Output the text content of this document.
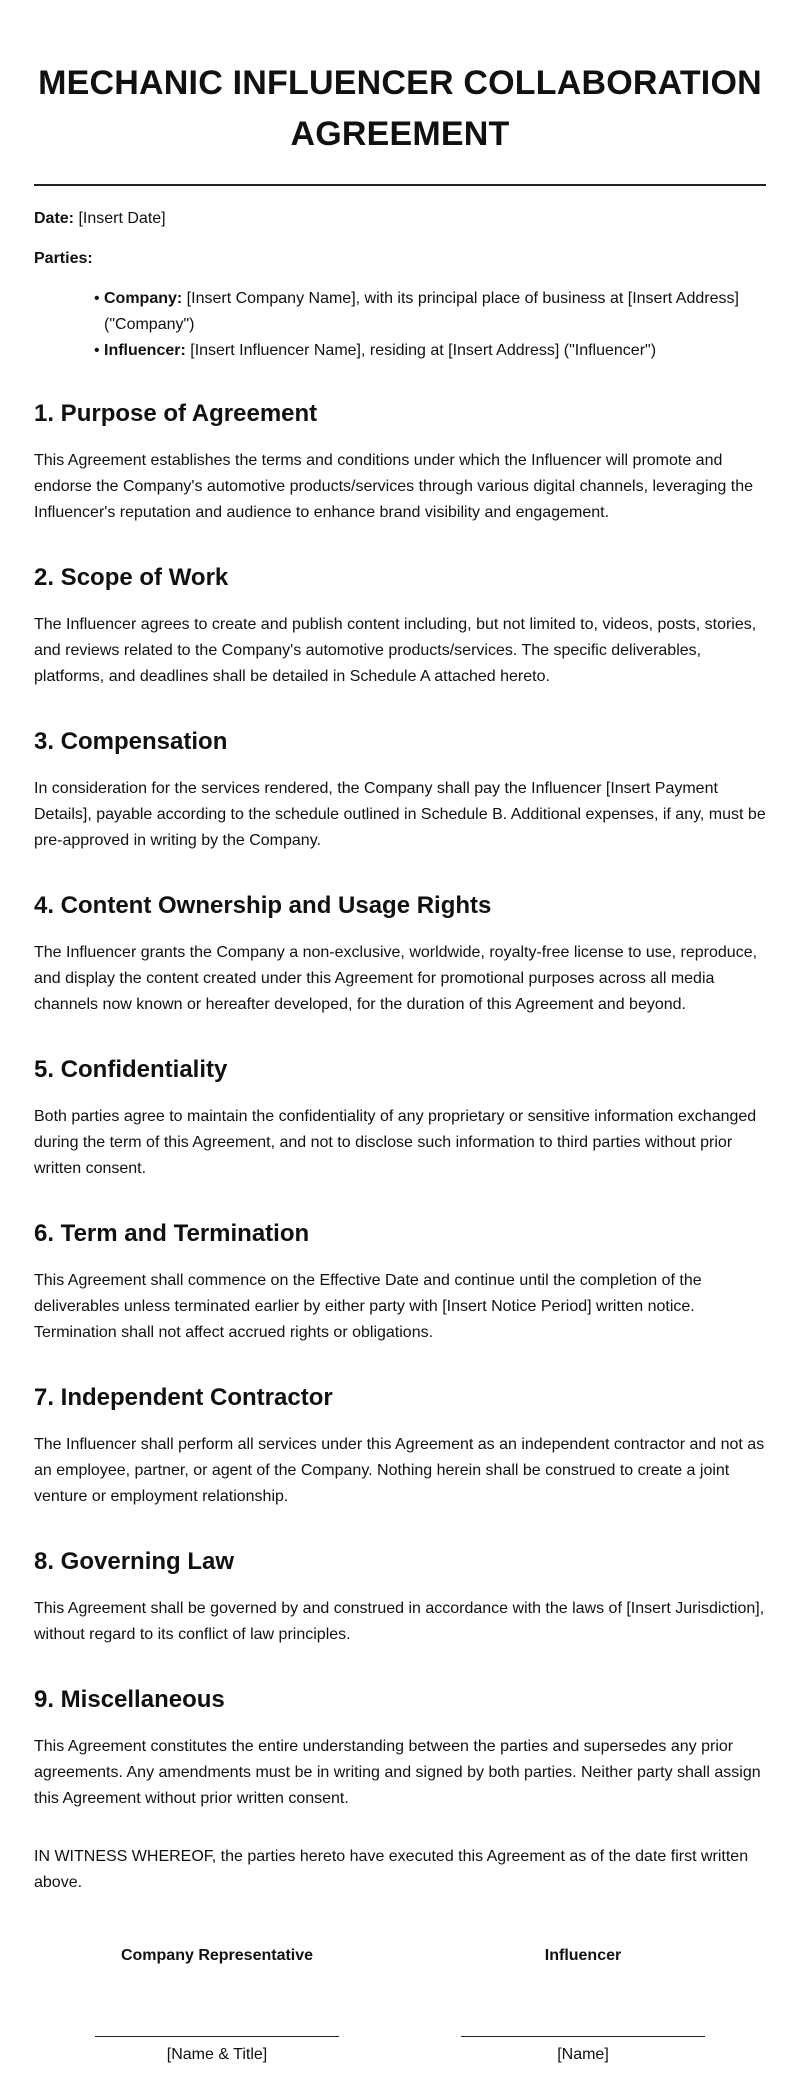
MECHANIC INFLUENCER COLLABORATION AGREEMENT
Date: [Insert Date]
Parties:
• Company: [Insert Company Name], with its principal place of business at [Insert Address] ("Company")
• Influencer: [Insert Influencer Name], residing at [Insert Address] ("Influencer")
1. Purpose of Agreement

This Agreement establishes the terms and conditions under which the Influencer will promote and endorse the Company's automotive products/services through various digital channels, leveraging the Influencer's reputation and audience to enhance brand visibility and engagement.

2. Scope of Work

The Influencer agrees to create and publish content including, but not limited to, videos, posts, stories, and reviews related to the Company's automotive products/services. The specific deliverables, platforms, and deadlines shall be detailed in Schedule A attached hereto.

3. Compensation

In consideration for the services rendered, the Company shall pay the Influencer [Insert Payment Details], payable according to the schedule outlined in Schedule B. Additional expenses, if any, must be pre-approved in writing by the Company.

4. Content Ownership and Usage Rights

The Influencer grants the Company a non-exclusive, worldwide, royalty-free license to use, reproduce, and display the content created under this Agreement for promotional purposes across all media channels now known or hereafter developed, for the duration of this Agreement and beyond.

5. Confidentiality

Both parties agree to maintain the confidentiality of any proprietary or sensitive information exchanged during the term of this Agreement, and not to disclose such information to third parties without prior written consent.

6. Term and Termination

This Agreement shall commence on the Effective Date and continue until the completion of the deliverables unless terminated earlier by either party with [Insert Notice Period] written notice. Termination shall not affect accrued rights or obligations.

7. Independent Contractor

The Influencer shall perform all services under this Agreement as an independent contractor and not as an employee, partner, or agent of the Company. Nothing herein shall be construed to create a joint venture or employment relationship.

8. Governing Law

This Agreement shall be governed by and construed in accordance with the laws of [Insert Jurisdiction], without regard to its conflict of law principles.

9. Miscellaneous

This Agreement constitutes the entire understanding between the parties and supersedes any prior agreements. Any amendments must be in writing and signed by both parties. Neither party shall assign this Agreement without prior written consent.

IN WITNESS WHEREOF, the parties hereto have executed this Agreement as of the date first written above.

Company Representative
[Name & Title]
Influencer
[Name]
